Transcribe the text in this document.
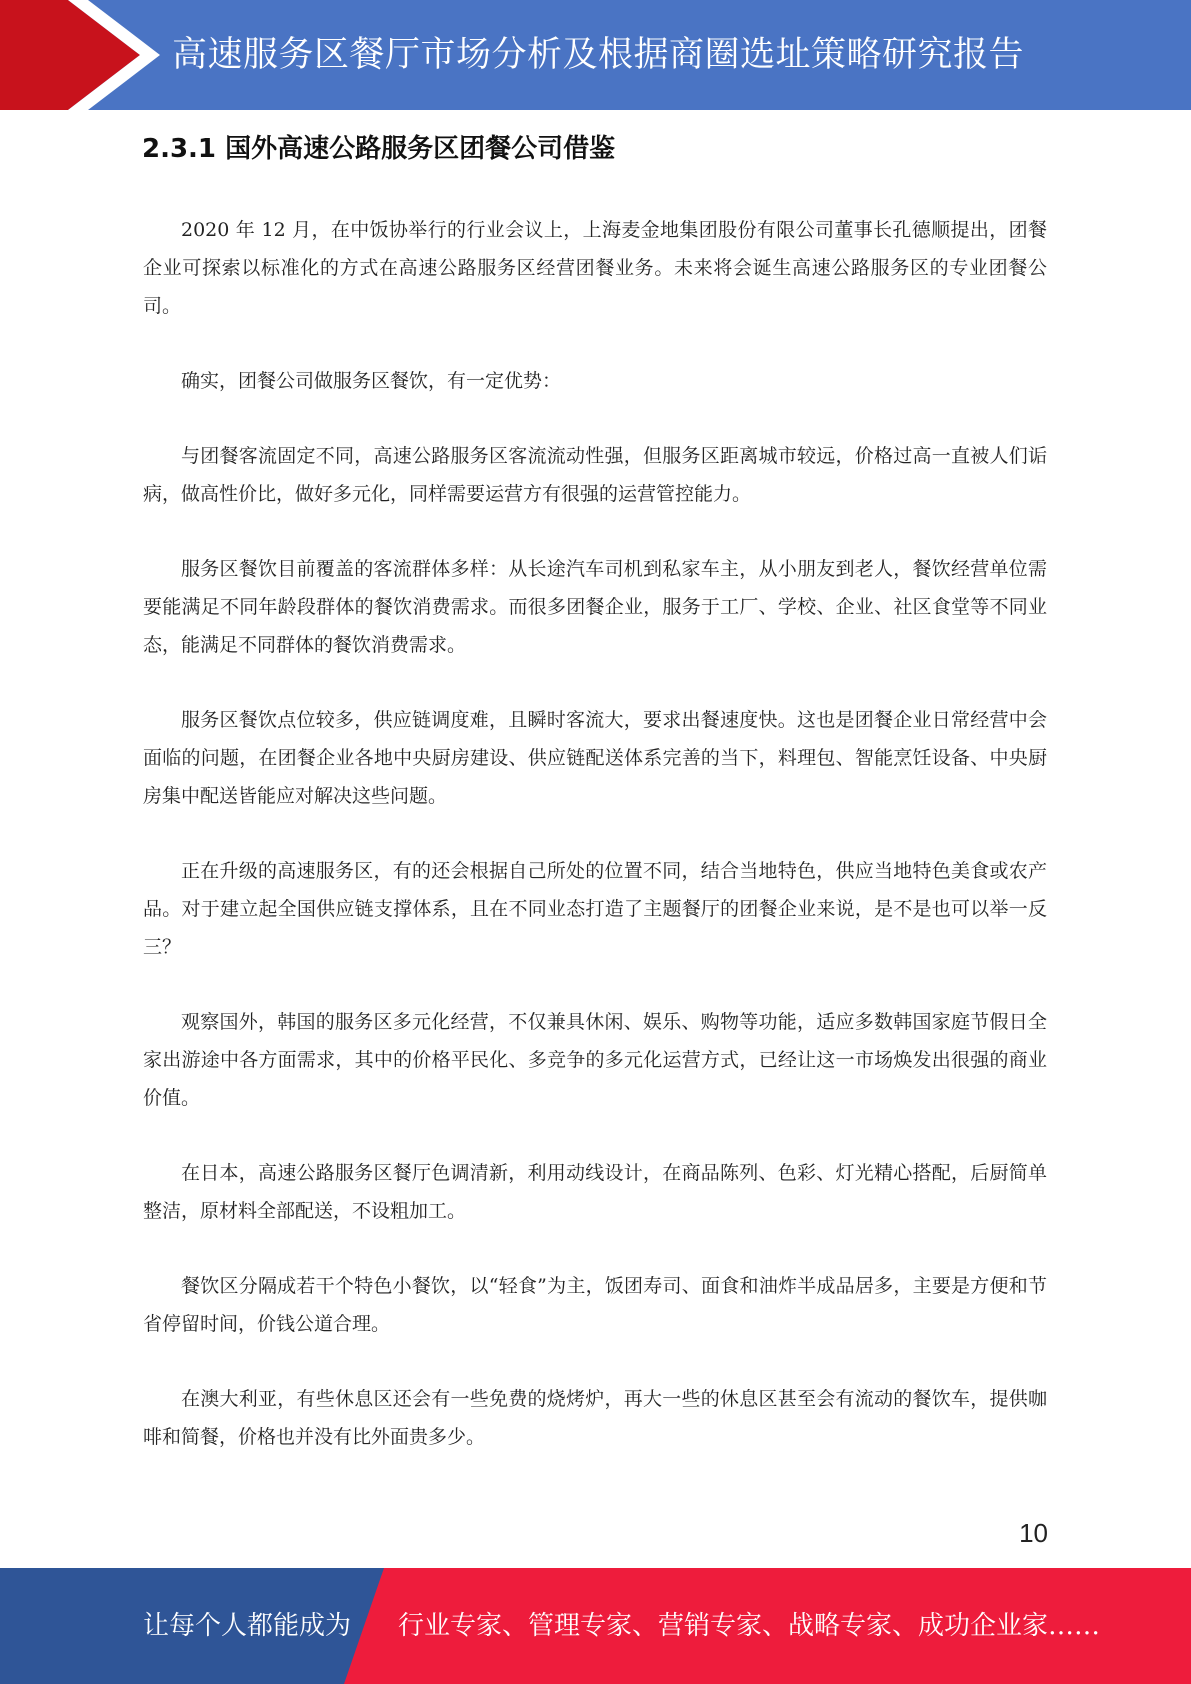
高速服务区餐厅市场分析及根据商圈选址策略研究报告
2.3.1 国外高速公路服务区团餐公司借鉴

2020 年 12 月，在中饭协举行的行业会议上，上海麦金地集团股份有限公司董事长孔德顺提出，团餐企业可探索以标准化的方式在高速公路服务区经营团餐业务。未来将会诞生高速公路服务区的专业团餐公司。

确实，团餐公司做服务区餐饮，有一定优势：

与团餐客流固定不同，高速公路服务区客流流动性强，但服务区距离城市较远，价格过高一直被人们诟病，做高性价比，做好多元化，同样需要运营方有很强的运营管控能力。

服务区餐饮目前覆盖的客流群体多样：从长途汽车司机到私家车主，从小朋友到老人，餐饮经营单位需要能满足不同年龄段群体的餐饮消费需求。而很多团餐企业，服务于工厂、学校、企业、社区食堂等不同业态，能满足不同群体的餐饮消费需求。

服务区餐饮点位较多，供应链调度难，且瞬时客流大，要求出餐速度快。这也是团餐企业日常经营中会面临的问题，在团餐企业各地中央厨房建设、供应链配送体系完善的当下，料理包、智能烹饪设备、中央厨房集中配送皆能应对解决这些问题。

正在升级的高速服务区，有的还会根据自己所处的位置不同，结合当地特色，供应当地特色美食或农产品。对于建立起全国供应链支撑体系，且在不同业态打造了主题餐厅的团餐企业来说，是不是也可以举一反三？

观察国外，韩国的服务区多元化经营，不仅兼具休闲、娱乐、购物等功能，适应多数韩国家庭节假日全家出游途中各方面需求，其中的价格平民化、多竞争的多元化运营方式，已经让这一市场焕发出很强的商业价值。

在日本，高速公路服务区餐厅色调清新，利用动线设计，在商品陈列、色彩、灯光精心搭配，后厨简单整洁，原材料全部配送，不设粗加工。

餐饮区分隔成若干个特色小餐饮，以“轻食”为主，饭团寿司、面食和油炸半成品居多，主要是方便和节省停留时间，价钱公道合理。

在澳大利亚，有些休息区还会有一些免费的烧烤炉，再大一些的休息区甚至会有流动的餐饮车，提供咖啡和简餐，价格也并没有比外面贵多少。

10
让每个人都能成为 行业专家、管理专家、营销专家、战略专家、成功企业家……
